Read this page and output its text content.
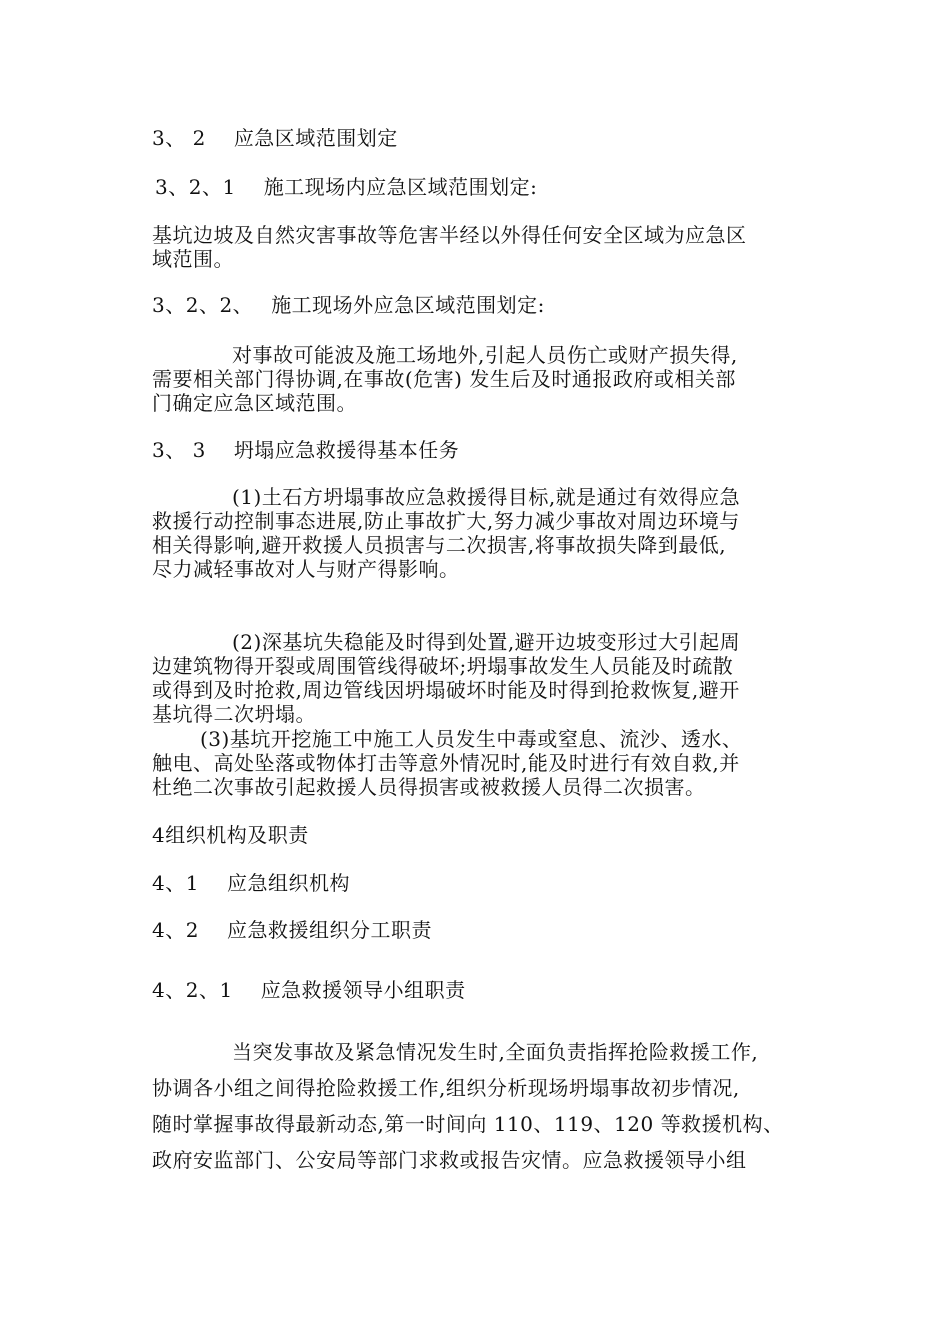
3、 2 应急区域范围划定
3、2、1 施工现场内应急区域范围划定:
基坑边坡及自然灾害事故等危害半经以外得任何安全区域为应急区
域范围。
3、2、2、 施工现场外应急区域范围划定:
对事故可能波及施工场地外,引起人员伤亡或财产损失得,
需要相关部门得协调,在事故(危害) 发生后及时通报政府或相关部
门确定应急区域范围。
3、 3 坍塌应急救援得基本任务
(1)土石方坍塌事故应急救援得目标,就是通过有效得应急
救援行动控制事态进展,防止事故扩大,努力减少事故对周边环境与
相关得影响,避开救援人员损害与二次损害,将事故损失降到最低,
尽力减轻事故对人与财产得影响。
(2)深基坑失稳能及时得到处置,避开边坡变形过大引起周
边建筑物得开裂或周围管线得破坏;坍塌事故发生人员能及时疏散
或得到及时抢救,周边管线因坍塌破坏时能及时得到抢救恢复,避开
基坑得二次坍塌。
(3)基坑开挖施工中施工人员发生中毒或窒息、流沙、透水、
触电、高处坠落或物体打击等意外情况时,能及时进行有效自救,并
杜绝二次事故引起救援人员得损害或被救援人员得二次损害。
4组织机构及职责
4、1 应急组织机构
4、2 应急救援组织分工职责
4、2、1 应急救援领导小组职责
当突发事故及紧急情况发生时,全面负责指挥抢险救援工作,
协调各小组之间得抢险救援工作,组织分析现场坍塌事故初步情况,
随时掌握事故得最新动态,第一时间向 110、119、120 等救援机构、
政府安监部门、公安局等部门求救或报告灾情。应急救援领导小组
